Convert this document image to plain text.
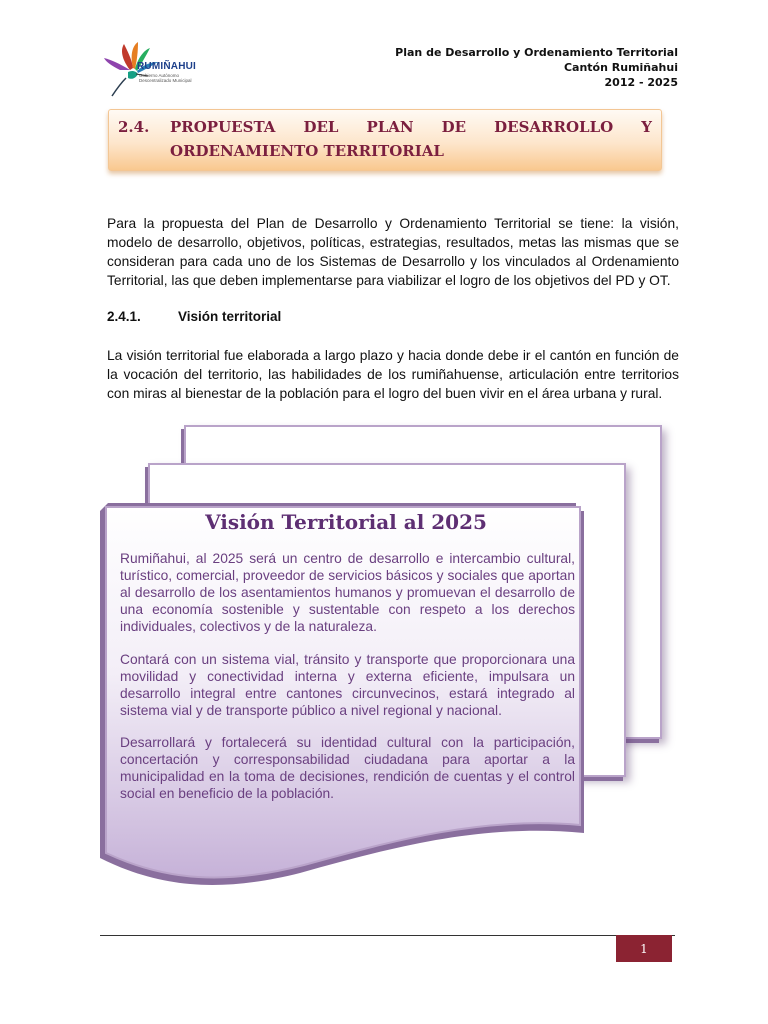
RUMIÑAHUI
Gobierno Autónomo Descentralizado Municipal
Plan de Desarrollo y Ordenamiento Territorial
Cantón Rumiñahui
2012 - 2025
2.4. PROPUESTA DEL PLAN DE DESARROLLO Y
ORDENAMIENTO TERRITORIAL
Para la propuesta del Plan de Desarrollo y Ordenamiento Territorial se tiene: la visión, modelo de desarrollo, objetivos, políticas, estrategias, resultados, metas las mismas que se consideran para cada uno de los Sistemas de Desarrollo y los vinculados al Ordenamiento Territorial, las que deben implementarse para viabilizar el logro de los objetivos del PD y OT.
2.4.1.	Visión territorial
La visión territorial fue elaborada a largo plazo y hacia donde debe ir el cantón en función de la vocación del territorio, las habilidades de los rumiñahuense, articulación entre territorios con miras al bienestar de la población para el logro del buen vivir en el área urbana y rural.
Visión Territorial al 2025
Rumiñahui, al 2025 será un centro de desarrollo e intercambio cultural, turístico, comercial, proveedor de servicios básicos y sociales que aportan al desarrollo de los asentamientos humanos y promuevan el desarrollo de una economía sostenible y sustentable con respeto a los derechos individuales, colectivos y de la naturaleza.
Contará con un sistema vial, tránsito y transporte que proporcionara una movilidad y conectividad interna y externa eficiente, impulsara un desarrollo integral entre cantones circunvecinos, estará integrado al sistema vial y de transporte público a nivel regional y nacional.
Desarrollará y fortalecerá su identidad cultural con la participación, concertación y corresponsabilidad ciudadana para aportar a la municipalidad en la toma de decisiones, rendición de cuentas y el control social en beneficio de la población.
1
